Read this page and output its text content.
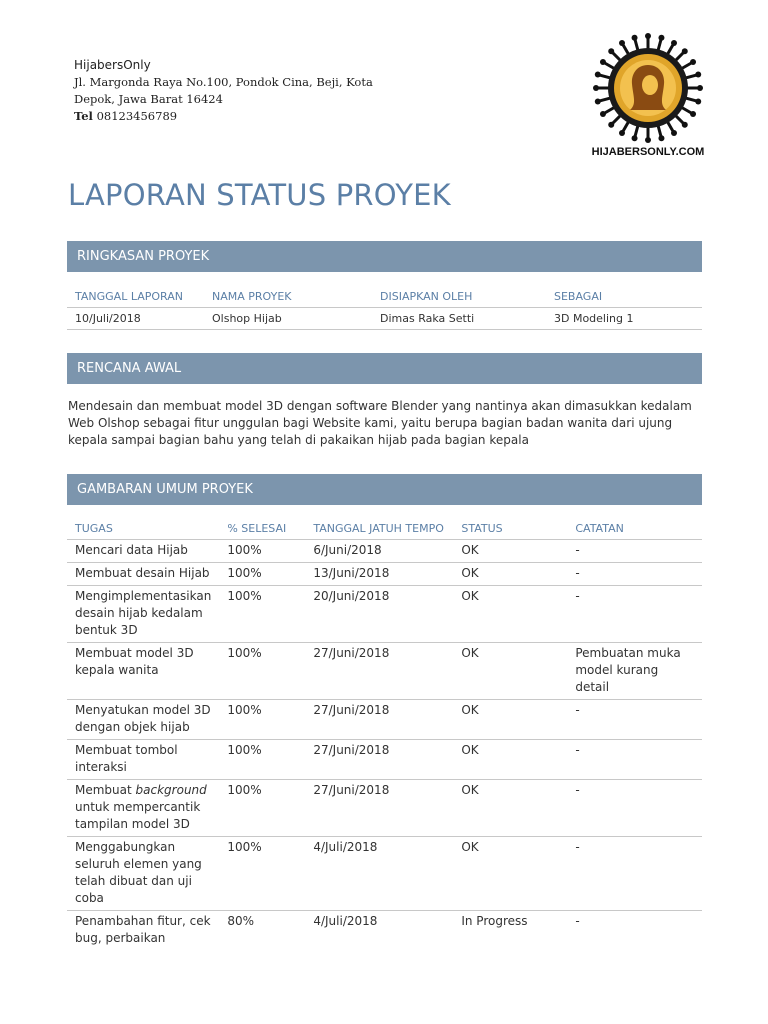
HijabersOnly
Jl. Margonda Raya No.100, Pondok Cina, Beji, Kota
Depok, Jawa Barat 16424
Tel 08123456789
HIJABERSONLY.COM
LAPORAN STATUS PROYEK
RINGKASAN PROYEK
TANGGAL LAPORAN	NAMA PROYEK	DISIAPKAN OLEH	SEBAGAI
10/Juli/2018	Olshop Hijab	Dimas Raka Setti	3D Modeling 1
RENCANA AWAL

Mendesain dan membuat model 3D dengan software Blender yang nantinya akan dimasukkan kedalam Web Olshop sebagai fitur unggulan bagi Website kami, yaitu berupa bagian badan wanita dari ujung kepala sampai bagian bahu yang telah di pakaikan hijab pada bagian kepala

GAMBARAN UMUM PROYEK
TUGAS	% SELESAI	TANGGAL JATUH TEMPO	STATUS	CATATAN
Mencari data Hijab	100%	6/Juni/2018	OK	-
Membuat desain Hijab	100%	13/Juni/2018	OK	-
Mengimplementasikan desain hijab kedalam bentuk 3D	100%	20/Juni/2018	OK	-
Membuat model 3D kepala wanita	100%	27/Juni/2018	OK	Pembuatan muka model kurang detail
Menyatukan model 3D dengan objek hijab	100%	27/Juni/2018	OK	-
Membuat tombol interaksi	100%	27/Juni/2018	OK	-
Membuat background untuk mempercantik tampilan model 3D	100%	27/Juni/2018	OK	-
Menggabungkan seluruh elemen yang telah dibuat dan uji coba	100%	4/Juli/2018	OK	-
Penambahan fitur, cek bug, perbaikan	80%	4/Juli/2018	In Progress	-
